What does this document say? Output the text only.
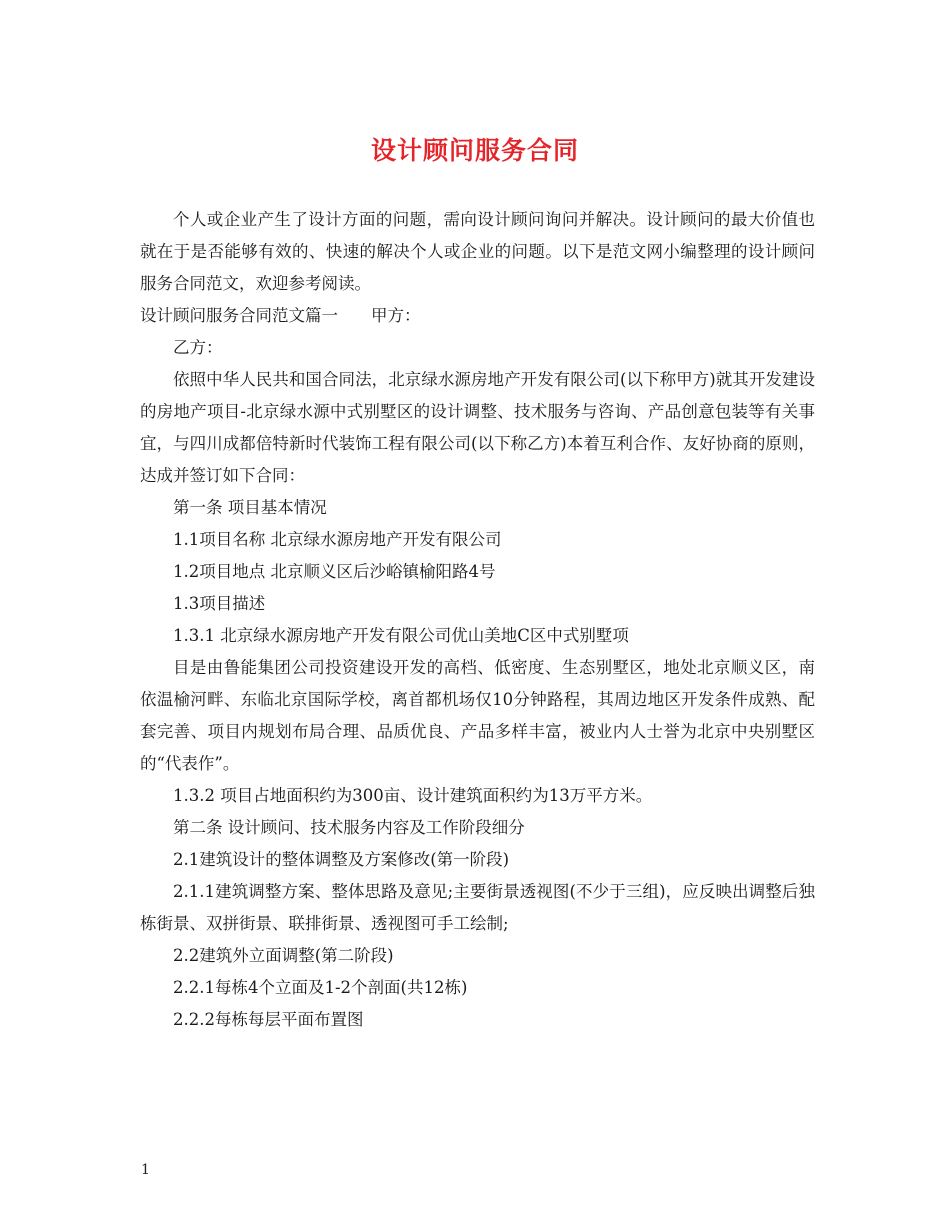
设计顾问服务合同

个人或企业产生了设计方面的问题，需向设计顾问询问并解决。设计顾问的最大价值也就在于是否能够有效的、快速的解决个人或企业的问题。以下是范文网小编整理的设计顾问服务合同范文，欢迎参考阅读。

设计顾问服务合同范文篇一　　甲方：

乙方：

依照中华人民共和国合同法，北京绿水源房地产开发有限公司(以下称甲方)就其开发建设的房地产项目-北京绿水源中式别墅区的设计调整、技术服务与咨询、产品创意包装等有关事宜，与四川成都倍特新时代装饰工程有限公司(以下称乙方)本着互利合作、友好协商的原则，达成并签订如下合同：

第一条 项目基本情况

1.1项目名称 北京绿水源房地产开发有限公司

1.2项目地点 北京顺义区后沙峪镇榆阳路4号

1.3项目描述

1.3.1 北京绿水源房地产开发有限公司优山美地C区中式别墅项

目是由鲁能集团公司投资建设开发的高档、低密度、生态别墅区，地处北京顺义区，南依温榆河畔、东临北京国际学校，离首都机场仅10分钟路程，其周边地区开发条件成熟、配套完善、项目内规划布局合理、品质优良、产品多样丰富，被业内人士誉为北京中央别墅区的“代表作”。

1.3.2 项目占地面积约为300亩、设计建筑面积约为13万平方米。

第二条 设计顾问、技术服务内容及工作阶段细分

2.1建筑设计的整体调整及方案修改(第一阶段)

2.1.1建筑调整方案、整体思路及意见;主要街景透视图(不少于三组)，应反映出调整后独栋街景、双拼街景、联排街景、透视图可手工绘制;

2.2建筑外立面调整(第二阶段)

2.2.1每栋4个立面及1-2个剖面(共12栋)

2.2.2每栋每层平面布置图

1
